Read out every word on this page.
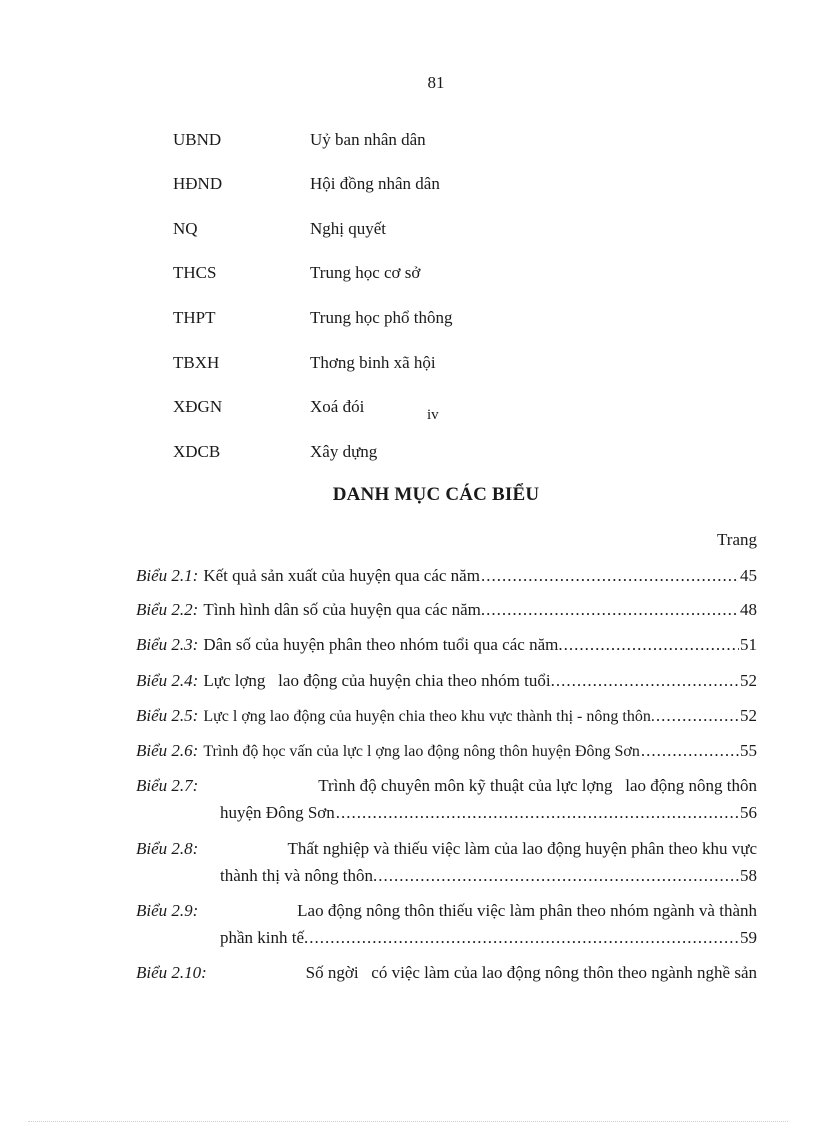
81
UBND	Uỷ ban nhân dân
HĐND	Hội đồng nhân dân
NQ	Nghị quyết
THCS	Trung học cơ sở
THPT	Trung học phổ thông
TBXH	Thơng binh xã hội
XĐGN	Xoá đói
XDCB	Xây dựng
iv
DANH MỤC CÁC BIỂU
Trang
Biểu 2.1: Kết quả sản xuất của huyện qua các năm .....	45
Biểu 2.2: Tình hình dân số của huyện qua các năm. .....	48
Biểu 2.3: Dân số của huyện phân theo nhóm tuổi qua các năm. .....	51
Biểu 2.4: Lực lợng   lao động của huyện chia theo nhóm tuổi. .....	52
Biểu 2.5: Lực l ợng lao động của huyện chia theo khu vực thành thị - nông thôn. .....	52
Biểu 2.6: Trình độ học vấn của lực l ợng lao động nông thôn huyện Đông Sơn .....	55
Biểu 2.7:	Trình độ chuyên môn kỹ thuật của lực lợng   lao động nông thôn
huyện Đông Sơn .....	56
Biểu 2.8:	Thất nghiệp và thiếu việc làm của lao động huyện phân theo khu vực
thành thị và nông thôn. .....	58
Biểu 2.9:	Lao động nông thôn thiếu việc làm phân theo nhóm ngành và thành
phần kinh tế. .....	59
Biểu 2.10:	Số ngời   có việc làm của lao động nông thôn theo ngành nghề sản
